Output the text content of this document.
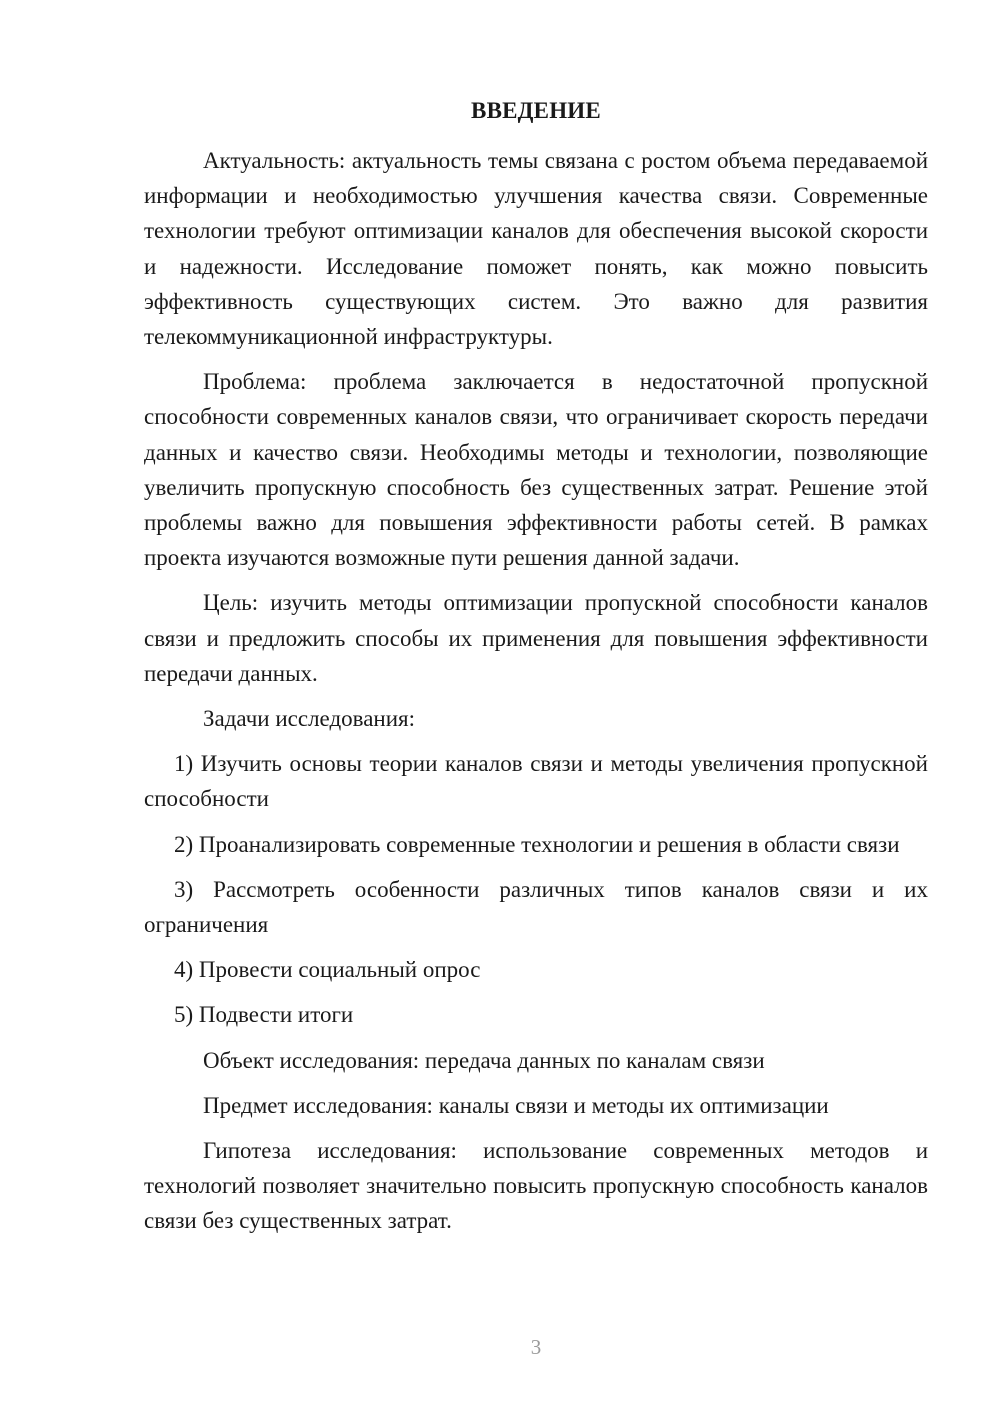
ВВЕДЕНИЕ

Актуальность: актуальность темы связана с ростом объема передаваемой информации и необходимостью улучшения качества связи. Современные технологии требуют оптимизации каналов для обеспечения высокой скорости и надежности. Исследование поможет понять, как можно повысить эффективность существующих систем. Это важно для развития телекоммуникационной инфраструктуры.

Проблема: проблема заключается в недостаточной пропускной способности современных каналов связи, что ограничивает скорость передачи данных и качество связи. Необходимы методы и технологии, позволяющие увеличить пропускную способность без существенных затрат. Решение этой проблемы важно для повышения эффективности работы сетей. В рамках проекта изучаются возможные пути решения данной задачи.

Цель: изучить методы оптимизации пропускной способности каналов связи и предложить способы их применения для повышения эффективности передачи данных.

Задачи исследования:

1) Изучить основы теории каналов связи и методы увеличения пропускной способности

2) Проанализировать современные технологии и решения в области связи

3) Рассмотреть особенности различных типов каналов связи и их ограничения

4) Провести социальный опрос

5) Подвести итоги

Объект исследования: передача данных по каналам связи

Предмет исследования: каналы связи и методы их оптимизации

Гипотеза исследования: использование современных методов и технологий позволяет значительно повысить пропускную способность каналов связи без существенных затрат.

3
